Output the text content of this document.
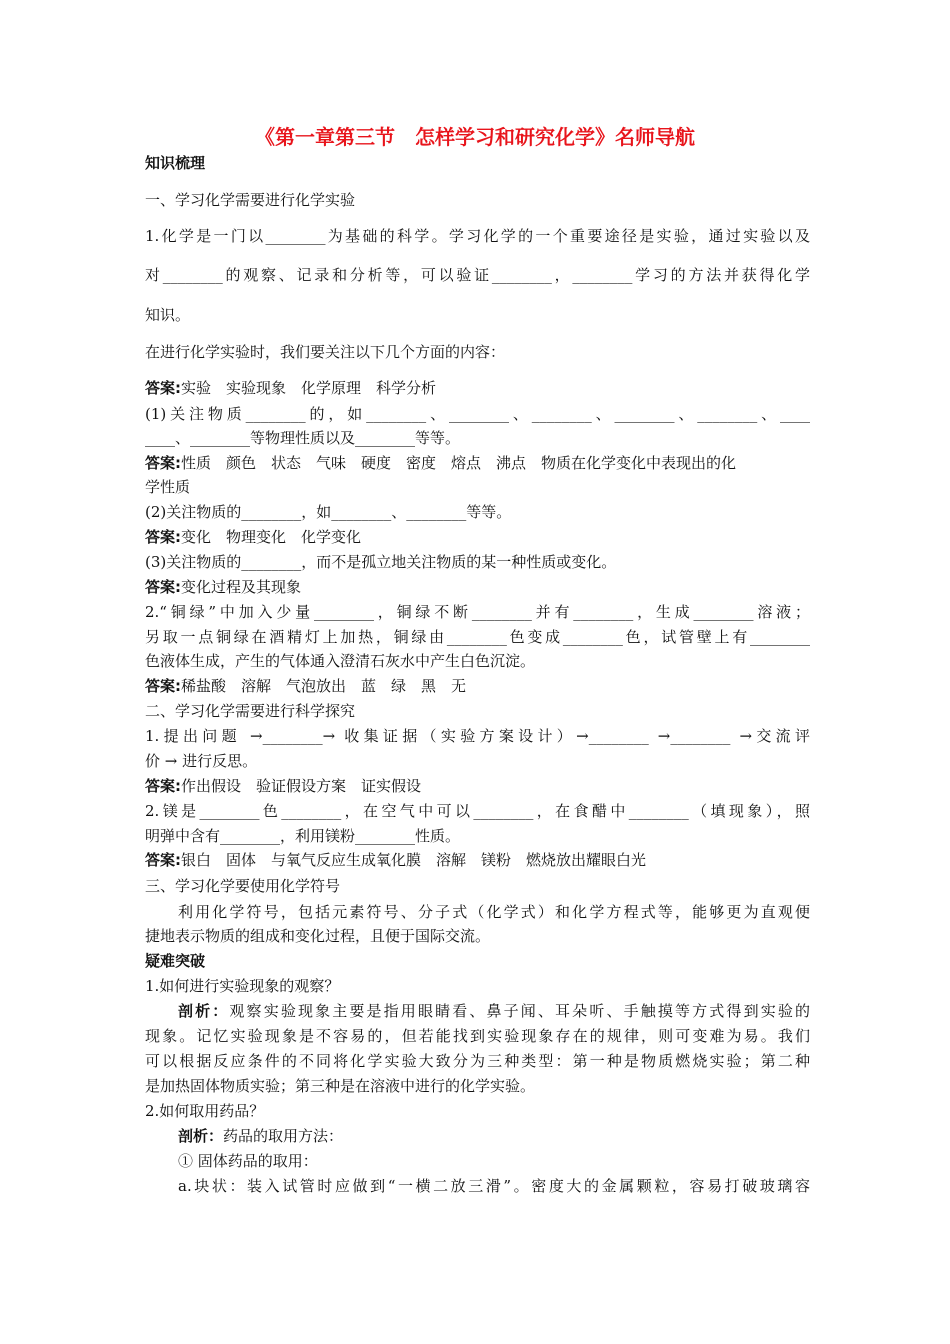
《第一章第三节　怎样学习和研究化学》名师导航
知识梳理
一、学习化学需要进行化学实验
1.化学是一门以________为基础的科学。学习化学的一个重要途径是实验，通过实验以及
对________的观察、记录和分析等，可以验证________，________学习的方法并获得化学
知识。
在进行化学实验时，我们要关注以下几个方面的内容：
答案:实验　实验现象　化学原理　科学分析
(1)关注物质________的，如________、________、________、________、________、____
____、________等物理性质以及________等等。
答案:性质　颜色　状态　气味　硬度　密度　熔点　沸点　物质在化学变化中表现出的化
学性质
(2)关注物质的________，如________、________等等。
答案:变化　物理变化　化学变化
(3)关注物质的________，而不是孤立地关注物质的某一种性质或变化。
答案:变化过程及其现象
2.“铜绿”中加入少量________，铜绿不断________并有________，生成________溶液；
另取一点铜绿在酒精灯上加热，铜绿由________色变成________色，试管壁上有________
色液体生成，产生的气体通入澄清石灰水中产生白色沉淀。
答案:稀盐酸　溶解　气泡放出　蓝　绿　黑　无
二、学习化学需要进行科学探究
1.提出问题 →________→ 收集证据（实验方案设计）→________ →________ →交流评
价 → 进行反思。
答案:作出假设　验证假设方案　证实假设
2.镁是________色________，在空气中可以________，在食醋中________（填现象），照
明弹中含有________，利用镁粉________性质。
答案:银白　固体　与氧气反应生成氧化膜　溶解　镁粉　燃烧放出耀眼白光
三、学习化学要使用化学符号
利用化学符号，包括元素符号、分子式（化学式）和化学方程式等，能够更为直观便
捷地表示物质的组成和变化过程，且便于国际交流。
疑难突破
1.如何进行实验现象的观察？
剖析：观察实验现象主要是指用眼睛看、鼻子闻、耳朵听、手触摸等方式得到实验的
现象。记忆实验现象是不容易的，但若能找到实验现象存在的规律，则可变难为易。我们
可以根据反应条件的不同将化学实验大致分为三种类型：第一种是物质燃烧实验；第二种
是加热固体物质实验；第三种是在溶液中进行的化学实验。
2.如何取用药品？
剖析：药品的取用方法：
① 固体药品的取用：
a.块状：装入试管时应做到“一横二放三滑”。密度大的金属颗粒，容易打破玻璃容
